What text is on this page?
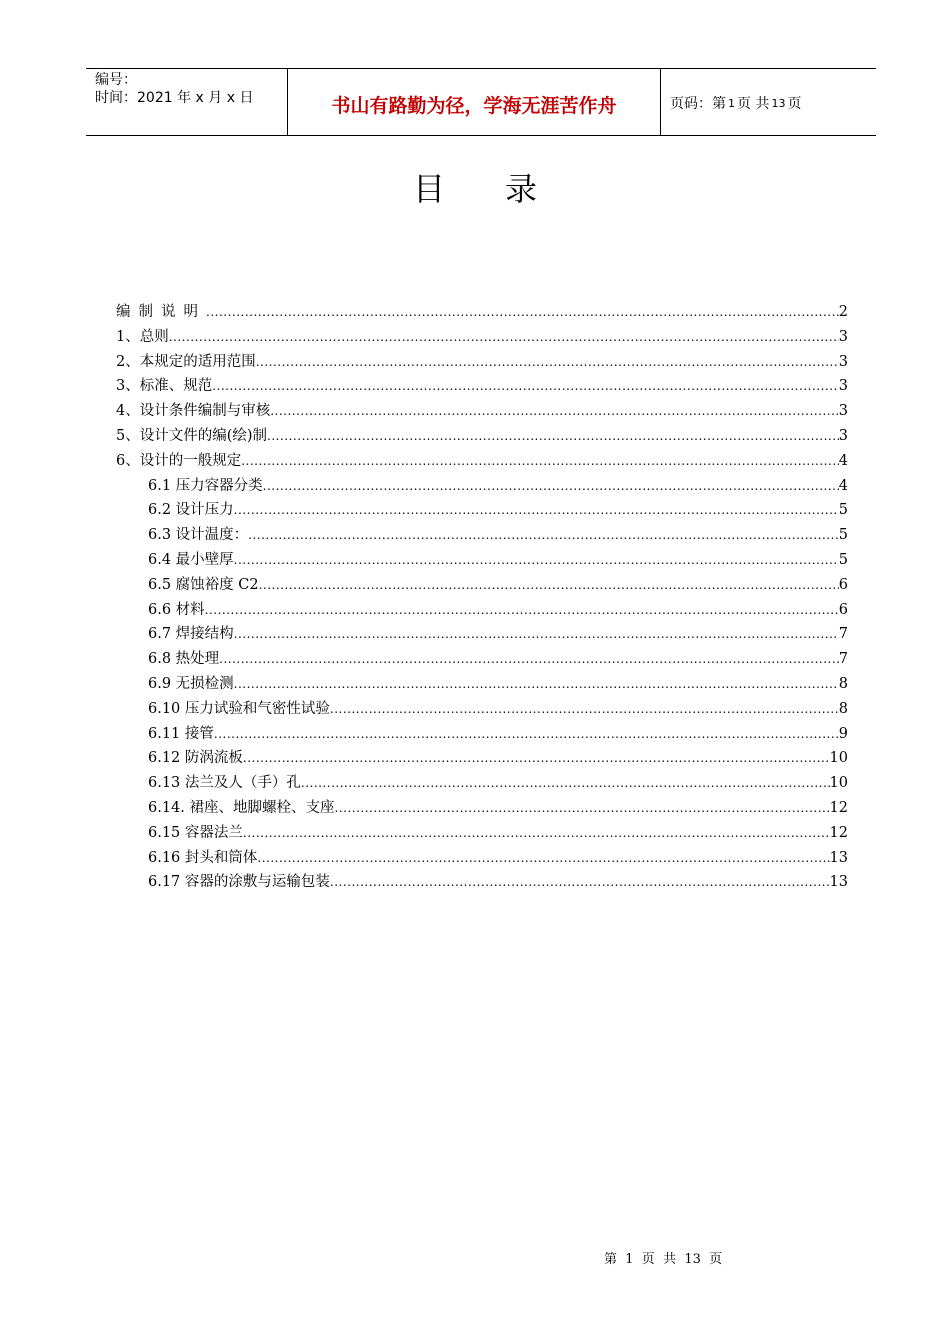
编号：
时间：2021 年 x 月 x 日	书山有路勤为径，学海无涯苦作舟	页码：第 1 页 共 13 页
目录
编制说明 .....	2
1、总则 .....	3
2、本规定的适用范围 .....	3
3、标准、规范 .....	3
4、设计条件编制与审核 .....	3
5、设计文件的编(绘)制 .....	3
6、设计的一般规定 .....	4
6.1 压力容器分类 .....	4
6.2 设计压力 .....	5
6.3 设计温度： .....	5
6.4 最小壁厚 .....	5
6.5 腐蚀裕度 C2 .....	6
6.6 材料 .....	6
6.7 焊接结构 .....	7
6.8 热处理 .....	7
6.9 无损检测 .....	8
6.10 压力试验和气密性试验 .....	8
6.11 接管 .....	9
6.12 防涡流板 .....	10
6.13 法兰及人（手）孔 .....	10
6.14. 裙座、地脚螺栓、支座 .....	12
6.15 容器法兰 .....	12
6.16 封头和筒体 .....	13
6.17 容器的涂敷与运输包装 .....	13
第  1  页  共  13  页
